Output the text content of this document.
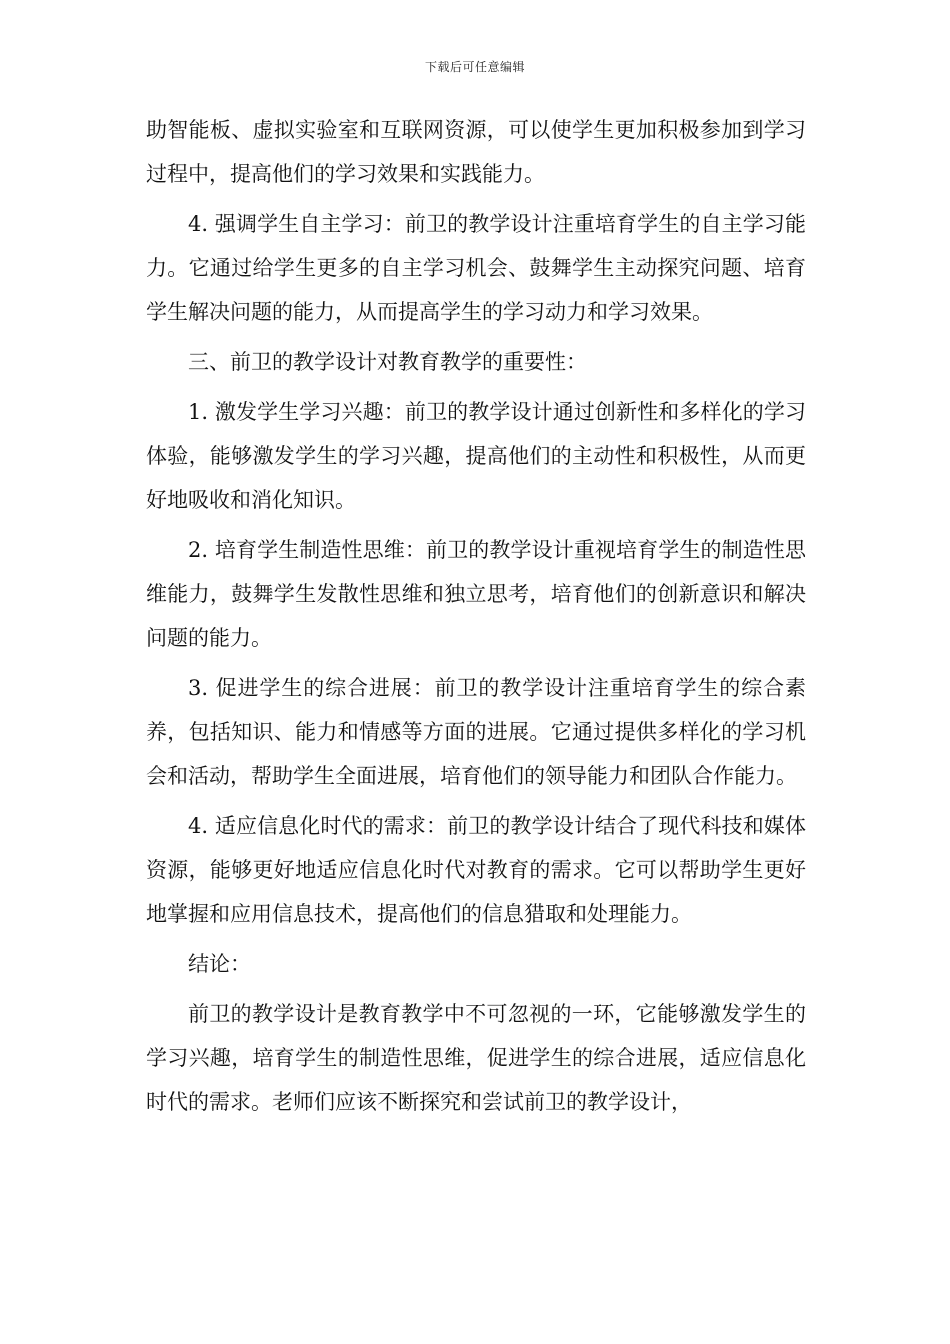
下载后可任意编辑

助智能板、虚拟实验室和互联网资源，可以使学生更加积极参加到学习过程中，提高他们的学习效果和实践能力。

4. 强调学生自主学习：前卫的教学设计注重培育学生的自主学习能力。它通过给学生更多的自主学习机会、鼓舞学生主动探究问题、培育学生解决问题的能力，从而提高学生的学习动力和学习效果。

三、前卫的教学设计对教育教学的重要性：

1. 激发学生学习兴趣：前卫的教学设计通过创新性和多样化的学习体验，能够激发学生的学习兴趣，提高他们的主动性和积极性，从而更好地吸收和消化知识。

2. 培育学生制造性思维：前卫的教学设计重视培育学生的制造性思维能力，鼓舞学生发散性思维和独立思考，培育他们的创新意识和解决问题的能力。

3. 促进学生的综合进展：前卫的教学设计注重培育学生的综合素养，包括知识、能力和情感等方面的进展。它通过提供多样化的学习机会和活动，帮助学生全面进展，培育他们的领导能力和团队合作能力。

4. 适应信息化时代的需求：前卫的教学设计结合了现代科技和媒体资源，能够更好地适应信息化时代对教育的需求。它可以帮助学生更好地掌握和应用信息技术，提高他们的信息猎取和处理能力。

结论：

前卫的教学设计是教育教学中不可忽视的一环，它能够激发学生的学习兴趣，培育学生的制造性思维，促进学生的综合进展，适应信息化时代的需求。老师们应该不断探究和尝试前卫的教学设计，
